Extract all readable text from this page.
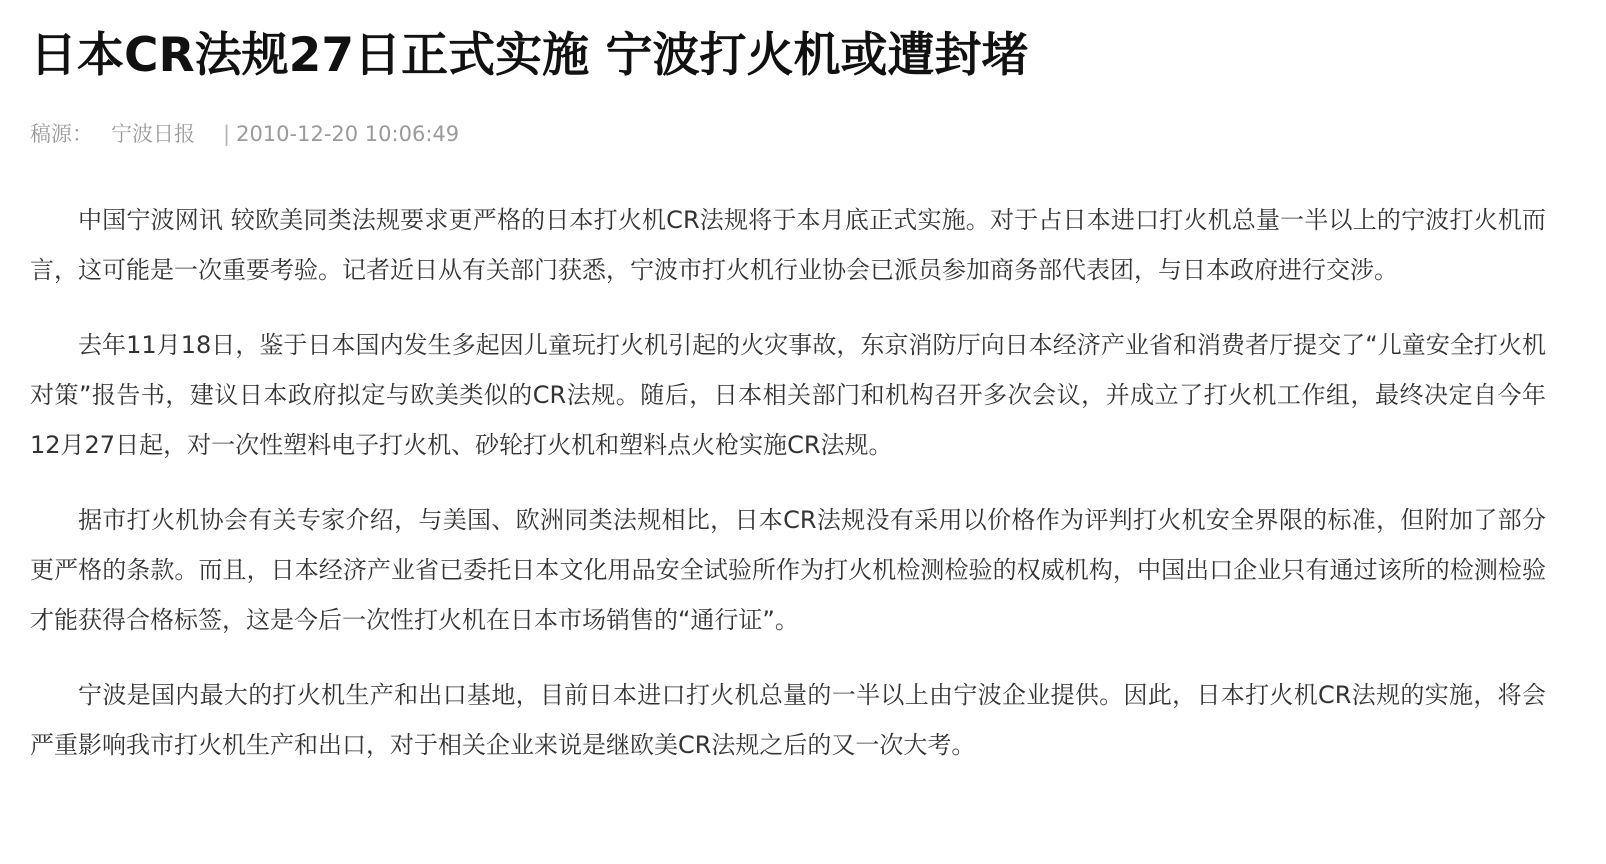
日本CR法规27日正式实施 宁波打火机或遭封堵
稿源： 宁波日报 | 2010-12-20 10:06:49

中国宁波网讯 较欧美同类法规要求更严格的日本打火机CR法规将于本月底正式实施。对于占日本进口打火机总量一半以上的宁波打火机而言，这可能是一次重要考验。记者近日从有关部门获悉，宁波市打火机行业协会已派员参加商务部代表团，与日本政府进行交涉。

去年11月18日，鉴于日本国内发生多起因儿童玩打火机引起的火灾事故，东京消防厅向日本经济产业省和消费者厅提交了“儿童安全打火机对策”报告书，建议日本政府拟定与欧美类似的CR法规。随后，日本相关部门和机构召开多次会议，并成立了打火机工作组，最终决定自今年12月27日起，对一次性塑料电子打火机、砂轮打火机和塑料点火枪实施CR法规。

据市打火机协会有关专家介绍，与美国、欧洲同类法规相比，日本CR法规没有采用以价格作为评判打火机安全界限的标准，但附加了部分更严格的条款。而且，日本经济产业省已委托日本文化用品安全试验所作为打火机检测检验的权威机构，中国出口企业只有通过该所的检测检验才能获得合格标签，这是今后一次性打火机在日本市场销售的“通行证”。

宁波是国内最大的打火机生产和出口基地，目前日本进口打火机总量的一半以上由宁波企业提供。因此，日本打火机CR法规的实施，将会严重影响我市打火机生产和出口，对于相关企业来说是继欧美CR法规之后的又一次大考。
